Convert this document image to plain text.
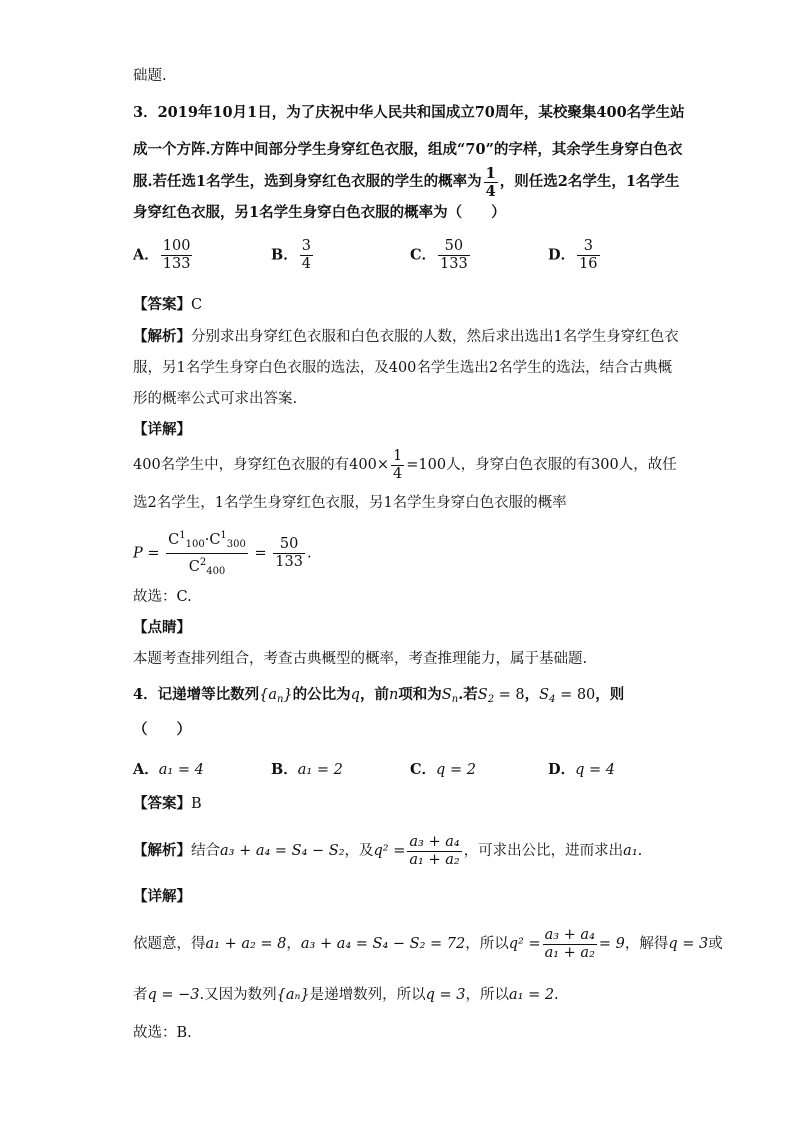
础题.
3．2019年10月1日，为了庆祝中华人民共和国成立70周年，某校聚集400名学生站
成一个方阵.方阵中间部分学生身穿红色衣服，组成“70”的字样，其余学生身穿白色衣
服.若任选1名学生，选到身穿红色衣服的学生的概率为 $\frac{1}{4}$ ，则任选2名学生，1名学生
身穿红色衣服，另1名学生身穿白色衣服的概率为（　　）
A． $\frac{100}{133}$	B． $\frac{3}{4}$	C． $\frac{50}{133}$	D． $\frac{3}{16}$
【答案】C
【解析】分别求出身穿红色衣服和白色衣服的人数，然后求出选出1名学生身穿红色衣
服，另1名学生身穿白色衣服的选法，及400名学生选出2名学生的选法，结合古典概
形的概率公式可求出答案.
【详解】
400名学生中，身穿红色衣服的有$400\times \frac{1}{4} =100$人，身穿白色衣服的有300人，故任
选2名学生，1名学生身穿红色衣服，另1名学生身穿白色衣服的概率
$P = \frac{C^1_{100}\cdot C^1_{300}}{C^2_{400}} = \frac{50}{133}$ .
故选：C.
【点睛】
本题考查排列组合，考查古典概型的概率，考查推理能力，属于基础题.
4．记递增等比数列$\{a_n\}$的公比为q，前n项和为$S_n$.若$S_2 = 8$，$S_4 = 80$，则
（　　）
A．a₁ = 4	B．a₁ = 2	C．q = 2	D．q = 4
【答案】B
【解析】结合a₃ + a₄ = S₄ − S₂，及$q^2 = \frac{\text{a₃ + a₄}}{\text{a₁ + a₂}}$ ，可求出公比，进而求出a₁.
【详解】
依题意，得a₁ + a₂ = 8，a₃ + a₄ = S₄ − S₂ = 72，所以$q^2 = \frac{\text{a₃ + a₄}}{\text{a₁ + a₂}} = 9$，解得q = 3或
者q = −3.又因为数列{aₙ}是递增数列，所以q = 3，所以a₁ = 2.
故选：B.
